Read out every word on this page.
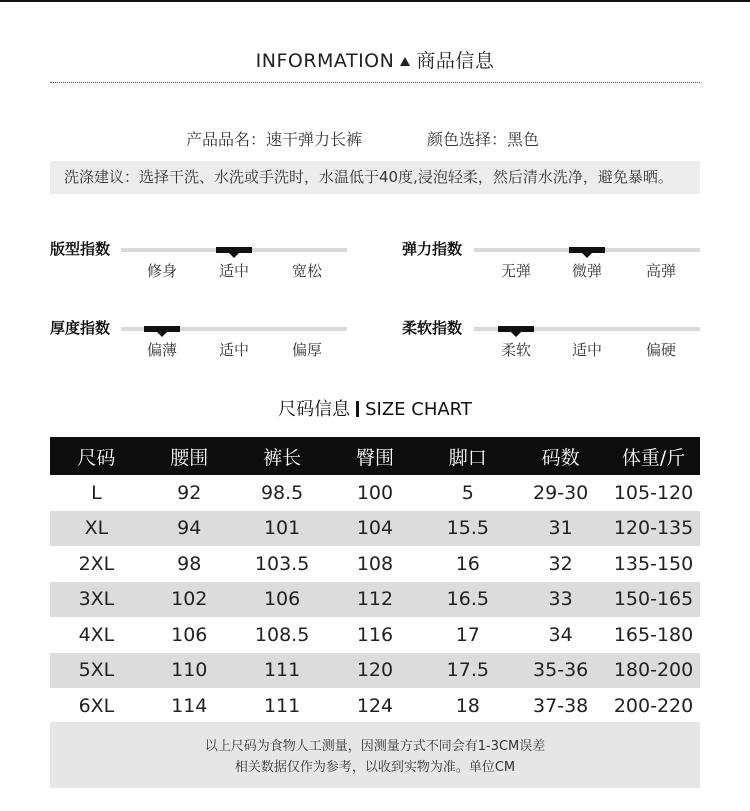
INFORMATION 商品信息
产品品名：速干弹力长裤	颜色选择：黑色
洗涤建议：选择干洗、水洗或手洗时，水温低于40度,浸泡轻柔，然后清水洗净，避免暴晒。
版型指数
修身	适中	宽松
弹力指数
无弹	微弹	高弹
厚度指数
偏薄	适中	偏厚
柔软指数
柔软	适中	偏硬
尺码信息 SIZE CHART
尺码	腰围	裤长	臀围	脚口	码数	体重/斤
L	92	98.5	100	5	29-30	105-120
XL	94	101	104	15.5	31	120-135
2XL	98	103.5	108	16	32	135-150
3XL	102	106	112	16.5	33	150-165
4XL	106	108.5	116	17	34	165-180
5XL	110	111	120	17.5	35-36	180-200
6XL	114	111	124	18	37-38	200-220
以上尺码为食物人工测量，因测量方式不同会有1-3CM误差
相关数据仅作为参考，以收到实物为准。单位CM
